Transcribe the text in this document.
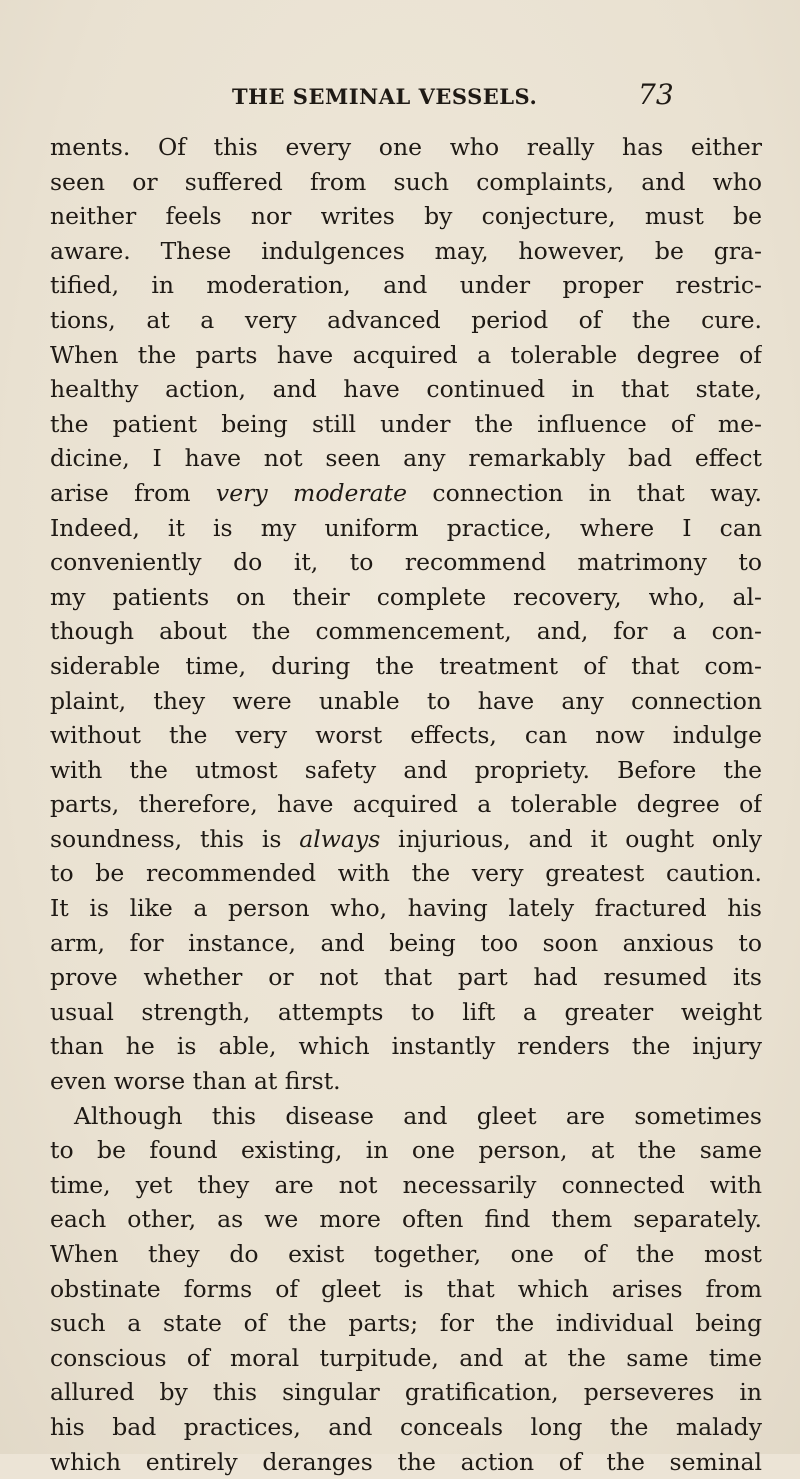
THE SEMINAL VESSELS.	73
ments. Of this every one who really has either
seen or suffered from such complaints, and who
neither feels nor writes by conjecture, must be
aware. These indulgences may, however, be gra-
tified, in moderation, and under proper restric-
tions, at a very advanced period of the cure.
When the parts have acquired a tolerable degree of
healthy action, and have continued in that state,
the patient being still under the influence of me-
dicine, I have not seen any remarkably bad effect
arise from very moderate connection in that way.
Indeed, it is my uniform practice, where I can
conveniently do it, to recommend matrimony to
my patients on their complete recovery, who, al-
though about the commencement, and, for a con-
siderable time, during the treatment of that com-
plaint, they were unable to have any connection
without the very worst effects, can now indulge
with the utmost safety and propriety. Before the
parts, therefore, have acquired a tolerable degree of
soundness, this is always injurious, and it ought only
to be recommended with the very greatest caution.
It is like a person who, having lately fractured his
arm, for instance, and being too soon anxious to
prove whether or not that part had resumed its
usual strength, attempts to lift a greater weight
than he is able, which instantly renders the injury
even worse than at first.
Although this disease and gleet are sometimes
to be found existing, in one person, at the same
time, yet they are not necessarily connected with
each other, as we more often find them separately.
When they do exist together, one of the most
obstinate forms of gleet is that which arises from
such a state of the parts; for the individual being
conscious of moral turpitude, and at the same time
allured by this singular gratification, perseveres in
his bad practices, and conceals long the malady
which entirely deranges the action of the seminal
